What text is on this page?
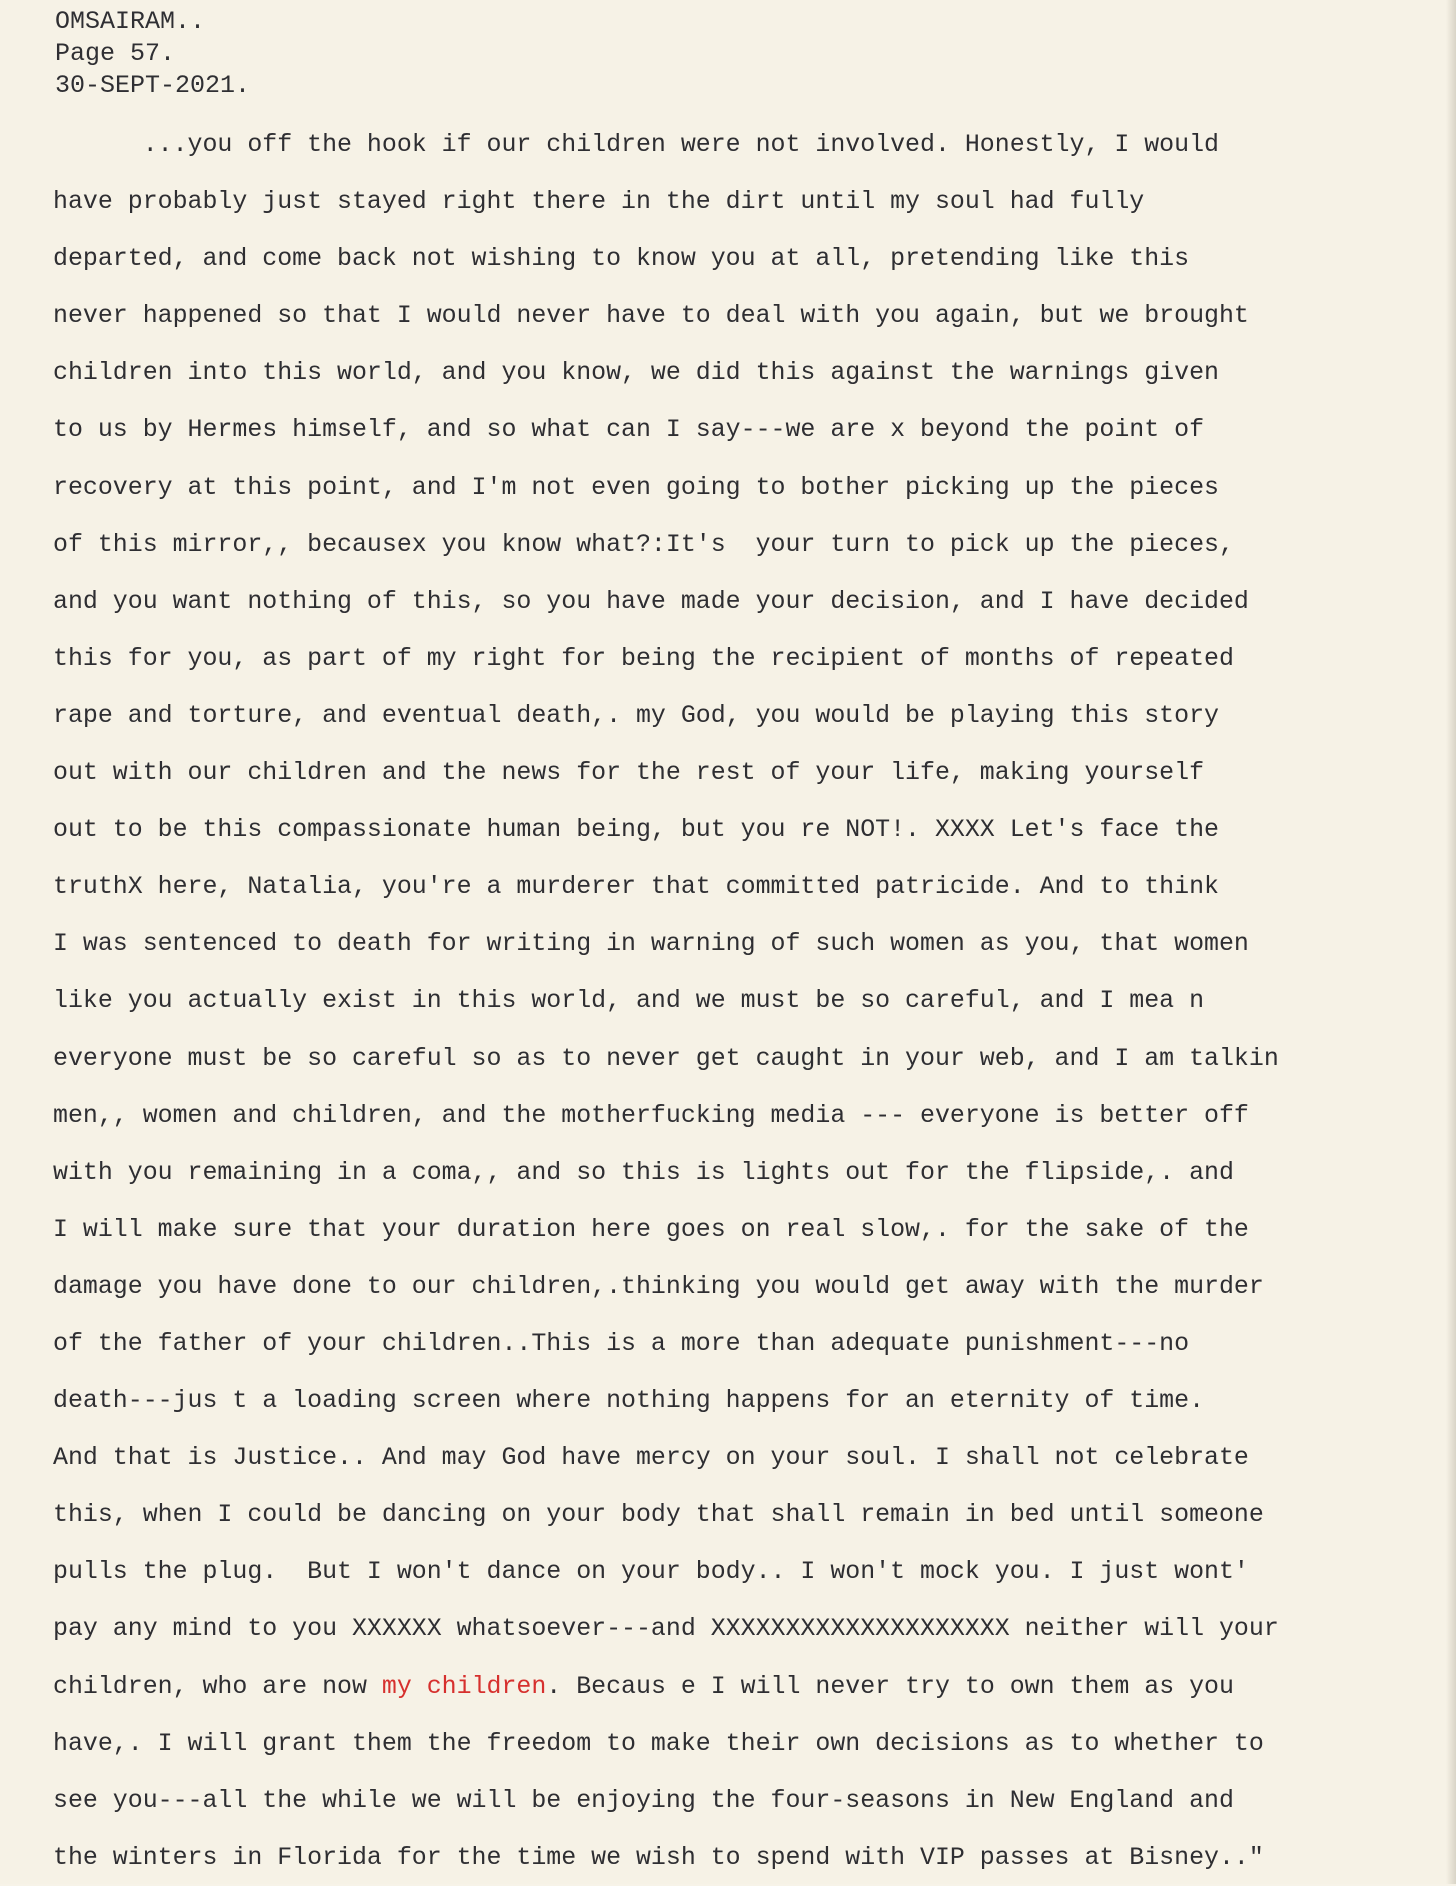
OMSAIRAM..
Page 57.
30-SEPT-2021.
...you off the hook if our children were not involved. Honestly, I would
have probably just stayed right there in the dirt until my soul had fully
departed, and come back not wishing to know you at all, pretending like this
never happened so that I would never have to deal with you again, but we brought
children into this world, and you know, we did this against the warnings given
to us by Hermes himself, and so what can I say---we are x beyond the point of
recovery at this point, and I'm not even going to bother picking up the pieces
of this mirror,, becausex you know what?:It's  your turn to pick up the pieces,
and you want nothing of this, so you have made your decision, and I have decided
this for you, as part of my right for being the recipient of months of repeated
rape and torture, and eventual death,. my God, you would be playing this story
out with our children and the news for the rest of your life, making yourself
out to be this compassionate human being, but you re NOT!. XXXX Let's face the
truthX here, Natalia, you're a murderer that committed patricide. And to think
I was sentenced to death for writing in warning of such women as you, that women
like you actually exist in this world, and we must be so careful, and I mea n
everyone must be so careful so as to never get caught in your web, and I am talkin
men,, women and children, and the motherfucking media --- everyone is better off
with you remaining in a coma,, and so this is lights out for the flipside,. and
I will make sure that your duration here goes on real slow,. for the sake of the
damage you have done to our children,.thinking you would get away with the murder
of the father of your children..This is a more than adequate punishment---no
death---jus t a loading screen where nothing happens for an eternity of time.
And that is Justice.. And may God have mercy on your soul. I shall not celebrate
this, when I could be dancing on your body that shall remain in bed until someone
pulls the plug.  But I won't dance on your body.. I won't mock you. I just wont'
pay any mind to you XXXXXX whatsoever---and XXXXXXXXXXXXXXXXXXXX neither will your
children, who are now my children. Becaus e I will never try to own them as you
have,. I will grant them the freedom to make their own decisions as to whether to
see you---all the while we will be enjoying the four-seasons in New England and
the winters in Florida for the time we wish to spend with VIP passes at Bisney.."
